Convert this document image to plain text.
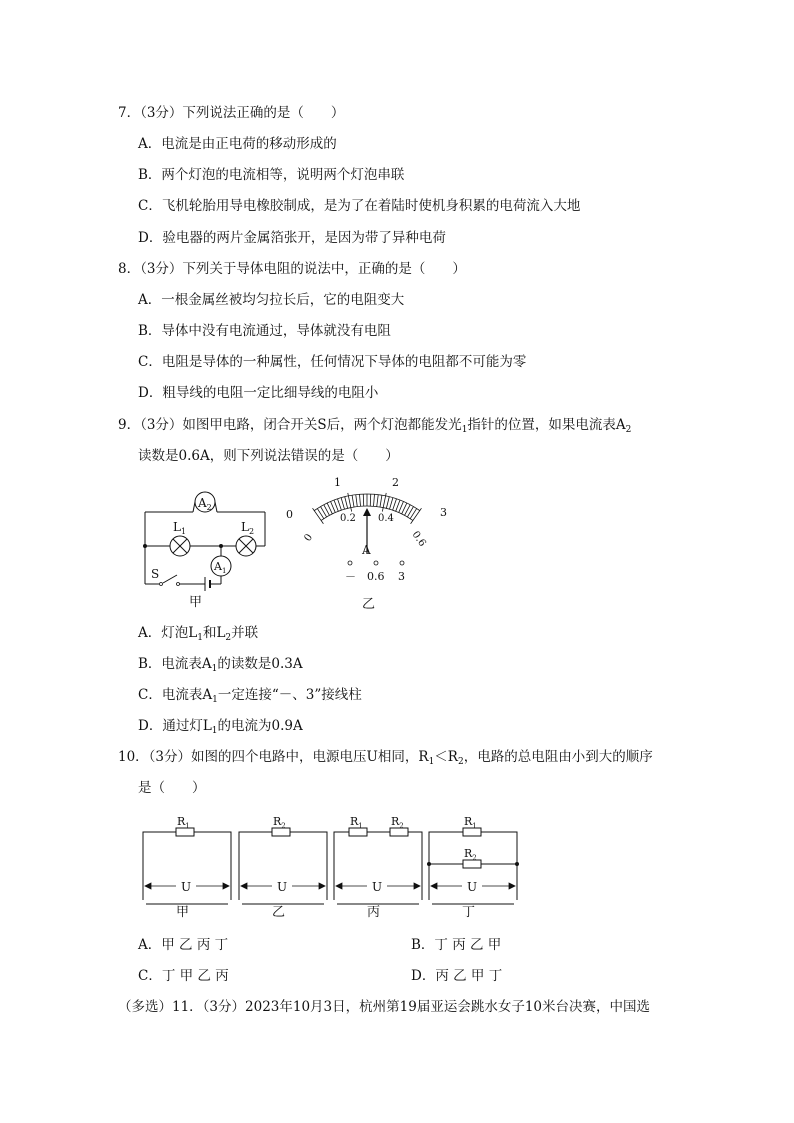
7．（3分）下列说法正确的是（　　）
A．电流是由正电荷的移动形成的
B．两个灯泡的电流相等，说明两个灯泡串联
C．飞机轮胎用导电橡胶制成，是为了在着陆时使机身积累的电荷流入大地
D．验电器的两片金属箔张开，是因为带了异种电荷
8．（3分）下列关于导体电阻的说法中，正确的是（　　）
A．一根金属丝被均匀拉长后，它的电阻变大
B．导体中没有电流通过，导体就没有电阻
C．电阻是导体的一种属性，任何情况下导体的电阻都不可能为零
D．粗导线的电阻一定比细导线的电阻小
9．（3分）如图甲电路，闭合开关S后，两个灯泡都能发光$_1$指针的位置，如果电流表$A_2$
读数是0.6A，则下列说法错误的是（　　）
$A_2$
$L_1$	$L_2$
$A_1$
S
甲
0
1	2
3
0
0.2 0.4
0.6
A
－ 0.6 3
乙
A．灯泡$L_1$和$L_2$并联
B．电流表$A_1$的读数是0.3A
C．电流表$A_1$一定连接“－、3”接线柱
D．通过灯$L_1$的电流为0.9A
10．（3分）如图的四个电路中，电源电压U相同，$R_1<R_2$，电路的总电阻由小到大的顺序
是（　　）
$R_1$	$R_2$	$R_1$	$R_2$	$R_1$
$R_2$
U	U	U	U
甲	乙	丙	丁
A．甲 乙 丙 丁	B．丁 丙 乙 甲
C．丁 甲 乙 丙	D．丙 乙 甲 丁
（多选）11．（3分）2023年10月3日，杭州第19届亚运会跳水女子10米台决赛，中国选
